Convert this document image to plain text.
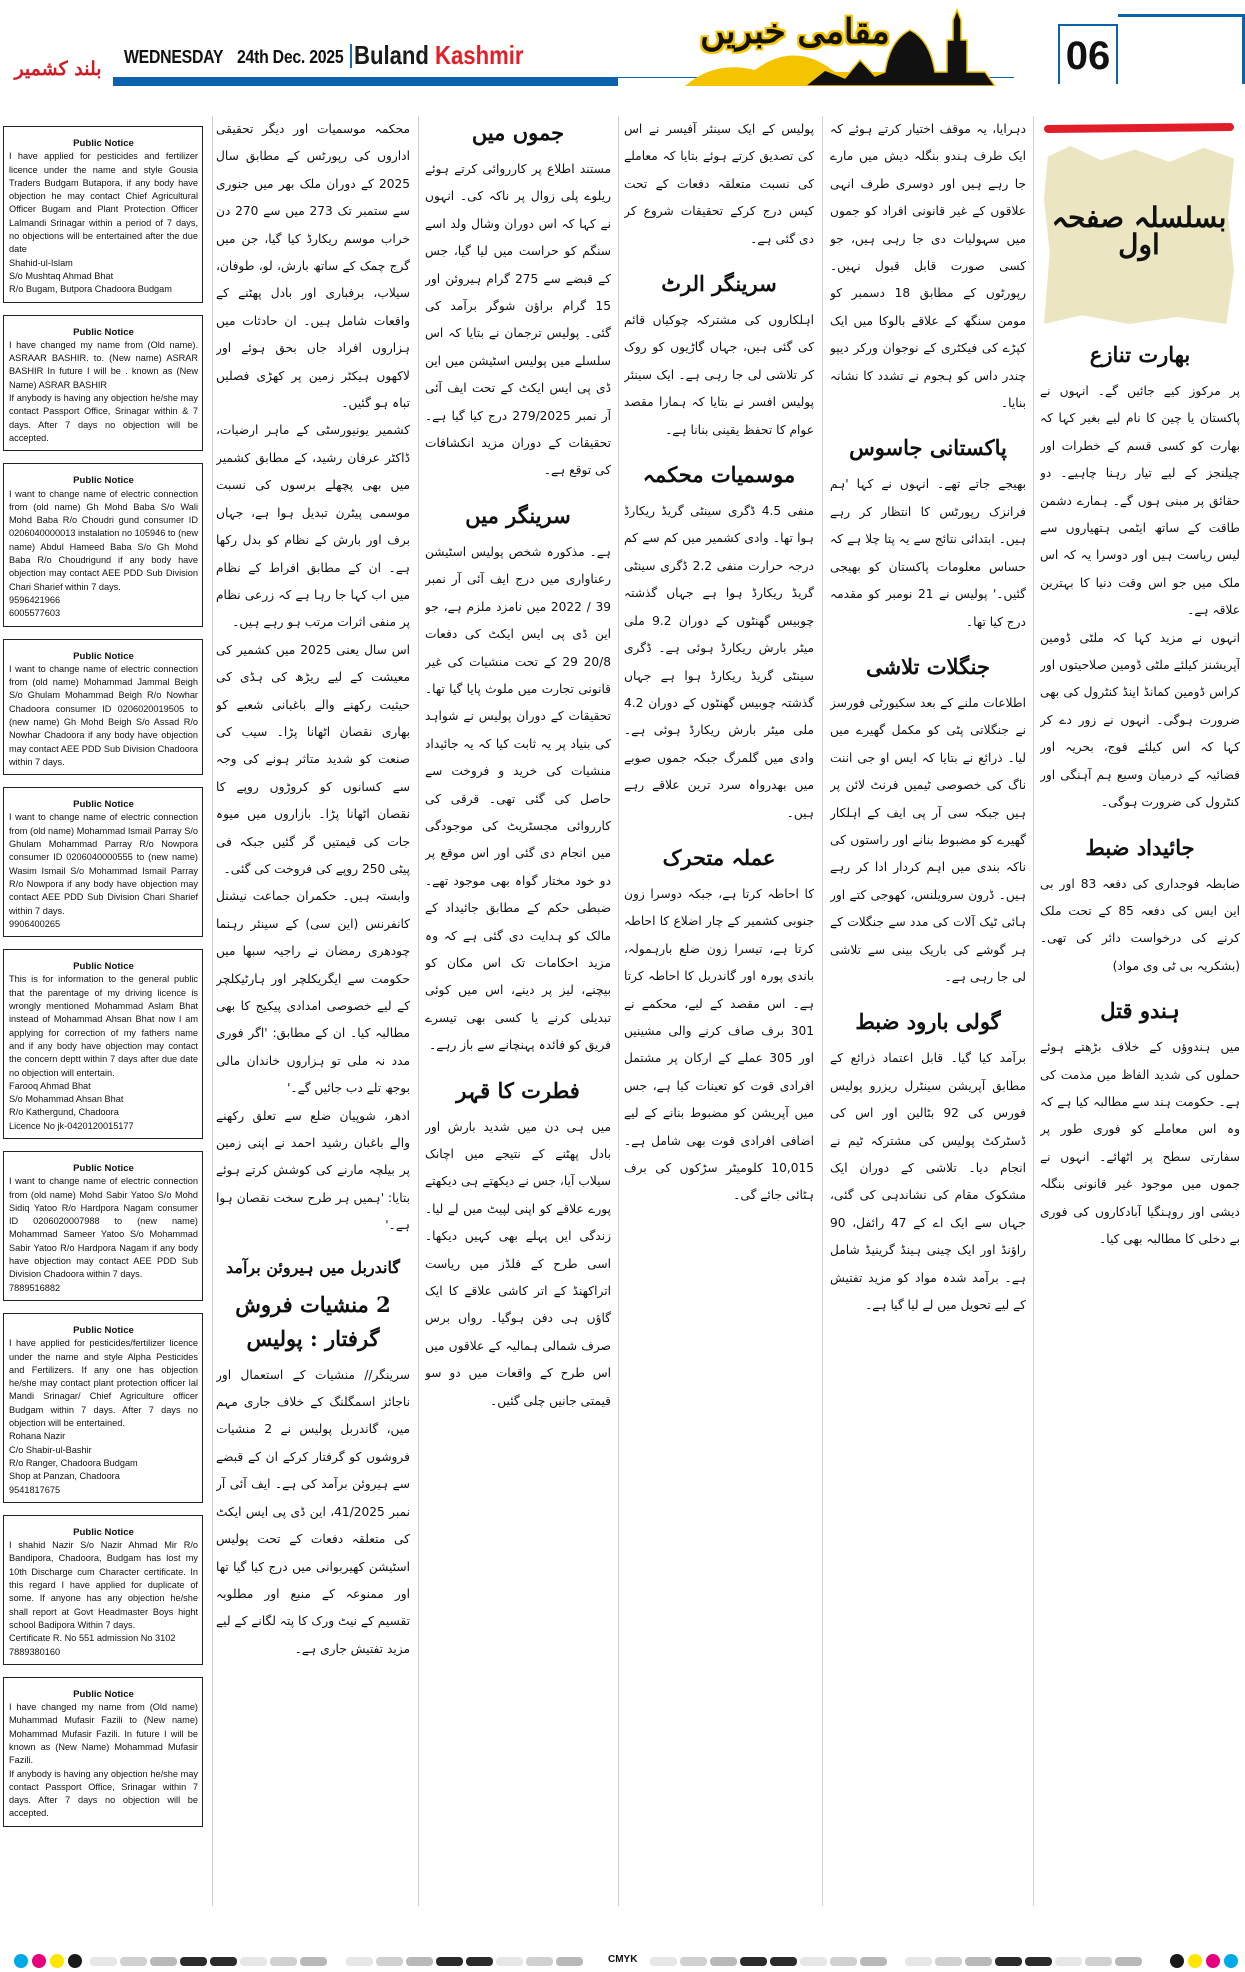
بلند کشمیر
WEDNESDAY 24th Dec. 2025 Buland Kashmir
مقامی خبریں
06
Public Notice
I have applied for pesticides and fertilizer licence under the name and style Gousia Traders Budgam Butapora, if any body have objection he may contact Chief Agricultural Officer Bugam and Plant Protection Officer Lalmandi Srinagar within a period of 7 days, no objections will be entertained after the due date
Shahid-ul-Islam
S/o Mushtaq Ahmad Bhat
R/o Bugam, Butpora Chadoora Budgam
Public Notice
I have changed my name from (Old name). ASRAAR BASHIR. to. (New name) ASRAR BASHIR In future I will be . known as (New Name) ASRAR BASHIR
If anybody is having any objection he/she may contact Passport Office, Srinagar within & 7 days. After 7 days no objection will be accepted.
Public Notice
I want to change name of electric connection from (old name) Gh Mohd Baba S/o Wali Mohd Baba R/o Choudri gund consumer ID 0206040000013 instalation no 105946 to (new name) Abdul Hameed Baba S/o Gh Mohd Baba R/o Choudrigund if any body have objection may contact AEE PDD Sub Division Chari Sharief within 7 days.
9596421966
6005577603
Public Notice
I want to change name of electric connection from (old name) Mohammad Jammal Beigh S/o Ghulam Mohammad Beigh R/o Nowhar Chadoora consumer ID 0206020019505 to (new name) Gh Mohd Beigh S/o Assad R/o Nowhar Chadoora if any body have objection may contact AEE PDD Sub Division Chadoora within 7 days.
Public Notice
I want to change name of electric connection from (old name) Mohammad Ismail Parray S/o Ghulam Mohammad Parray R/o Nowpora consumer ID 0206040000555 to (new name) Wasim Ismail S/o Mohammad Ismail Parray R/o Nowpora if any body have objection may contact AEE PDD Sub Division Chari Sharief within 7 days.
9906400265
Public Notice
This is for information to the general public that the parentage of my driving licence is wrongly mentioned Mohammad Aslam Bhat instead of Mohammad Ahsan Bhat now I am applying for correction of my fathers name and if any body have objection may contact the concern deptt within 7 days after due date no objection will entertain.
Farooq Ahmad Bhat
S/o Mohammad Ahsan Bhat
R/o Kathergund, Chadoora
Licence No jk-0420120015177
Public Notice
I want to change name of electric connection from (old name) Mohd Sabir Yatoo S/o Mohd Sidiq Yatoo R/o Hardpora Nagam consumer ID 0206020007988 to (new name) Mohammad Sameer Yatoo S/o Mohammad Sabir Yatoo R/o Hardpora Nagam if any body have objection may contact AEE PDD Sub Division Chadoora within 7 days.
7889516882
Public Notice
I have applied for pesticides/fertilizer licence under the name and style Alpha Pesticides and Fertilizers. If any one has objection he/she may contact plant protection officer lal Mandi Srinagar/ Chief Agriculture officer Budgam within 7 days. After 7 days no objection will be entertained.
Rohana Nazir
C/o Shabir-ul-Bashir
R/o Ranger, Chadoora Budgam
Shop at Panzan, Chadoora
9541817675
Public Notice
I shahid Nazir S/o Nazir Ahmad Mir R/o Bandipora, Chadoora, Budgam has lost my 10th Discharge cum Character certificate. In this regard I have applied for duplicate of some. If anyone has any objection he/she shall report at Govt Headmaster Boys hight school Badipora Within 7 days.
Certificate R. No 551 admission No 3102
7889380160
Public Notice
I have changed my name from (Old name) Muhammad Mufasir Fazili to (New name) Mohammad Mufasir Fazili. In future I will be known as (New Name) Mohammad Mufasir Fazili.
If anybody is having any objection he/she may contact Passport Office, Srinagar within 7 days. After 7 days no objection will be accepted.

محکمہ موسمیات اور دیگر تحقیقی اداروں کی رپورٹس کے مطابق سال 2025 کے دوران ملک بھر میں جنوری سے ستمبر تک 273 میں سے 270 دن خراب موسم ریکارڈ کیا گیا، جن میں گرج چمک کے ساتھ بارش، لو، طوفان، سیلاب، برفباری اور بادل پھٹنے کے واقعات شامل ہیں۔ ان حادثات میں ہزاروں افراد جاں بحق ہوئے اور لاکھوں ہیکٹر زمین پر کھڑی فصلیں تباہ ہو گئیں۔

کشمیر یونیورسٹی کے ماہر ارضیات، ڈاکٹر عرفان رشید، کے مطابق کشمیر میں بھی پچھلے برسوں کی نسبت موسمی پیٹرن تبدیل ہوا ہے، جہاں برف اور بارش کے نظام کو بدل رکھا ہے۔ ان کے مطابق افراط کے نظام میں اب کہا جا رہا ہے کہ زرعی نظام پر منفی اثرات مرتب ہو رہے ہیں۔

اس سال یعنی 2025 میں کشمیر کی معیشت کے لیے ریڑھ کی ہڈی کی حیثیت رکھنے والے باغبانی شعبے کو بھاری نقصان اٹھانا پڑا۔ سیب کی صنعت کو شدید متاثر ہونے کی وجہ سے کسانوں کو کروڑوں روپے کا نقصان اٹھانا پڑا۔ بازاروں میں میوہ جات کی قیمتیں گر گئیں جبکہ فی پیٹی 250 روپے کی فروخت کی گئی۔

وابستہ ہیں۔ حکمران جماعت نیشنل کانفرنس (این سی) کے سینئر رہنما چودھری رمضان نے راجیہ سبھا میں حکومت سے ایگریکلچر اور ہارٹیکلچر کے لیے خصوصی امدادی پیکیج کا بھی مطالبہ کیا۔ ان کے مطابق: 'اگر فوری مدد نہ ملی تو ہزاروں خاندان مالی بوجھ تلے دب جائیں گے۔'

ادھر، شوپیان ضلع سے تعلق رکھنے والے باغبان رشید احمد نے اپنی زمین پر بیلچہ مارنے کی کوشش کرتے ہوئے بتایا: 'ہمیں ہر طرح سخت نقصان ہوا ہے۔'

گاندربل میں ہیروئن برآمد
2 منشیات فروش گرفتار : پولیس

سرینگر// منشیات کے استعمال اور ناجائز اسمگلنگ کے خلاف جاری مہم میں، گاندربل پولیس نے 2 منشیات فروشوں کو گرفتار کرکے ان کے قبضے سے ہیروئن برآمد کی ہے۔ ایف آئی آر نمبر 41/2025، این ڈی پی ایس ایکٹ کی متعلقہ دفعات کے تحت پولیس اسٹیشن کھیربوانی میں درج کیا گیا تھا اور ممنوعہ کے منبع اور مطلوبہ تقسیم کے نیٹ ورک کا پتہ لگانے کے لیے مزید تفتیش جاری ہے۔

جموں میں

مستند اطلاع پر کارروائی کرتے ہوئے ریلوے پلی زوال پر ناکہ کی۔ انہوں نے کہا کہ اس دوران وشال ولد اسے سنگم کو حراست میں لیا گیا، جس کے قبضے سے 275 گرام ہیروئن اور 15 گرام براؤن شوگر برآمد کی گئی۔ پولیس ترجمان نے بتایا کہ اس سلسلے میں پولیس اسٹیشن میں این ڈی پی ایس ایکٹ کے تحت ایف آئی آر نمبر 279/2025 درج کیا گیا ہے۔ تحقیقات کے دوران مزید انکشافات کی توقع ہے۔

سرینگر میں

ہے۔ مذکورہ شخص پولیس اسٹیشن رعناواری میں درج ایف آئی آر نمبر 39 / 2022 میں نامزد ملزم ہے، جو این ڈی پی ایس ایکٹ کی دفعات 20/8 29 کے تحت منشیات کی غیر قانونی تجارت میں ملوث پایا گیا تھا۔ تحقیقات کے دوران پولیس نے شواہد کی بنیاد پر یہ ثابت کیا کہ یہ جائیداد منشیات کی خرید و فروخت سے حاصل کی گئی تھی۔ قرقی کی کارروائی مجسٹریٹ کی موجودگی میں انجام دی گئی اور اس موقع پر دو خود مختار گواہ بھی موجود تھے۔ ضبطی حکم کے مطابق جائیداد کے مالک کو ہدایت دی گئی ہے کہ وہ مزید احکامات تک اس مکان کو بیچنے، لیز پر دینے، اس میں کوئی تبدیلی کرنے یا کسی بھی تیسرے فریق کو فائدہ پہنچانے سے باز رہے۔

فطرت کا قہر

میں ہی دن میں شدید بارش اور بادل پھٹنے کے نتیجے میں اچانک سیلاب آیا، جس نے دیکھتے ہی دیکھتے پورے علاقے کو اپنی لپیٹ میں لے لیا۔ زندگی ایں پہلے بھی کہیں دیکھا۔ اسی طرح کے فلڈز میں ریاست اتراکھنڈ کے اتر کاشی علاقے کا ایک گاؤں ہی دفن ہوگیا۔ رواں برس صرف شمالی ہمالیہ کے علاقوں میں اس طرح کے واقعات میں دو سو قیمتی جانیں چلی گئیں۔

پولیس کے ایک سینئر آفیسر نے اس کی تصدیق کرتے ہوئے بتایا کہ معاملے کی نسبت متعلقہ دفعات کے تحت کیس درج کرکے تحقیقات شروع کر دی گئی ہے۔

سرینگر الرٹ

اہلکاروں کی مشترکہ چوکیاں قائم کی گئی ہیں، جہاں گاڑیوں کو روک کر تلاشی لی جا رہی ہے۔ ایک سینئر پولیس افسر نے بتایا کہ ہمارا مقصد عوام کا تحفظ یقینی بنانا ہے۔

موسمیات محکمہ

منفی 4.5 ڈگری سینٹی گریڈ ریکارڈ ہوا تھا۔ وادی کشمیر میں کم سے کم درجہ حرارت منفی 2.2 ڈگری سینٹی گریڈ ریکارڈ ہوا ہے جہاں گذشتہ چوبیس گھنٹوں کے دوران 9.2 ملی میٹر بارش ریکارڈ ہوئی ہے۔ ڈگری سینٹی گریڈ ریکارڈ ہوا ہے جہاں گذشتہ چوبیس گھنٹوں کے دوران 4.2 ملی میٹر بارش ریکارڈ ہوئی ہے۔ وادی میں گلمرگ جبکہ جموں صوبے میں بھدرواہ سرد ترین علاقے رہے ہیں۔

عملہ متحرک

کا احاطہ کرتا ہے، جبکہ دوسرا زون جنوبی کشمیر کے چار اضلاع کا احاطہ کرتا ہے، تیسرا زون ضلع بارہمولہ، باندی پورہ اور گاندربل کا احاطہ کرتا ہے۔ اس مقصد کے لیے، محکمے نے 301 برف صاف کرنے والی مشینیں اور 305 عملے کے ارکان پر مشتمل افرادی قوت کو تعینات کیا ہے، جس میں آپریشن کو مضبوط بنانے کے لیے اضافی افرادی قوت بھی شامل ہے۔ 10,015 کلومیٹر سڑکوں کی برف ہٹائی جائے گی۔

دہرایا، یہ موقف اختیار کرتے ہوئے کہ ایک طرف ہندو بنگلہ دیش میں مارے جا رہے ہیں اور دوسری طرف انہی علاقوں کے غیر قانونی افراد کو جموں میں سہولیات دی جا رہی ہیں، جو کسی صورت قابل قبول نہیں۔ رپورٹوں کے مطابق 18 دسمبر کو مومن سنگھ کے علاقے بالوکا میں ایک کپڑے کی فیکٹری کے نوجوان ورکر دیپو چندر داس کو ہجوم نے تشدد کا نشانہ بنایا۔

پاکستانی جاسوس

بھیجے جاتے تھے۔ انہوں نے کہا 'ہم فرانزک رپورٹس کا انتظار کر رہے ہیں۔ ابتدائی نتائج سے یہ پتا چلا ہے کہ حساس معلومات پاکستان کو بھیجی گئیں۔' پولیس نے 21 نومبر کو مقدمہ درج کیا تھا۔

جنگلات تلاشی

اطلاعات ملنے کے بعد سکیورٹی فورسز نے جنگلاتی پٹی کو مکمل گھیرے میں لیا۔ ذرائع نے بتایا کہ ایس او جی اننت ناگ کی خصوصی ٹیمیں فرنٹ لائن پر ہیں جبکہ سی آر پی ایف کے اہلکار گھیرے کو مضبوط بنانے اور راستوں کی ناکہ بندی میں اہم کردار ادا کر رہے ہیں۔ ڈرون سرویلنس، کھوجی کتے اور ہائی ٹیک آلات کی مدد سے جنگلات کے ہر گوشے کی باریک بینی سے تلاشی لی جا رہی ہے۔

گولی بارود ضبط

برآمد کیا گیا۔ قابل اعتماد ذرائع کے مطابق آپریشن سینٹرل ریزرو پولیس فورس کی 92 بٹالین اور اس کی ڈسٹرکٹ پولیس کی مشترکہ ٹیم نے انجام دیا۔ تلاشی کے دوران ایک مشکوک مقام کی نشاندہی کی گئی، جہاں سے ایک اے کے 47 رائفل، 90 راؤنڈ اور ایک چینی ہینڈ گرینیڈ شامل ہے۔ برآمد شدہ مواد کو مزید تفتیش کے لیے تحویل میں لے لیا گیا ہے۔

بسلسلہ صفحہ اول
بھارت تنازع

پر مرکوز کیے جائیں گے۔ انہوں نے پاکستان یا چین کا نام لیے بغیر کہا کہ بھارت کو کسی قسم کے خطرات اور چیلنجز کے لیے تیار رہنا چاہیے۔ دو حقائق پر مبنی ہوں گے۔ ہمارے دشمن طاقت کے ساتھ ایٹمی ہتھیاروں سے لیس ریاست ہیں اور دوسرا یہ کہ اس ملک میں جو اس وقت دنیا کا بہترین علاقہ ہے۔

انہوں نے مزید کہا کہ ملٹی ڈومین آپریشنز کیلئے ملٹی ڈومین صلاحیتوں اور کراس ڈومین کمانڈ اینڈ کنٹرول کی بھی ضرورت ہوگی۔ انہوں نے زور دے کر کہا کہ اس کیلئے فوج، بحریہ اور فضائیہ کے درمیان وسیع ہم آہنگی اور کنٹرول کی ضرورت ہوگی۔

جائیداد ضبط

ضابطہ فوجداری کی دفعہ 83 اور بی این ایس کی دفعہ 85 کے تحت ملک کرنے کی درخواست دائر کی تھی۔ (بشکریہ بی ٹی وی مواد)

ہندو قتل

میں ہندوؤں کے خلاف بڑھتے ہوئے حملوں کی شدید الفاظ میں مذمت کی ہے۔ حکومت ہند سے مطالبہ کیا ہے کہ وہ اس معاملے کو فوری طور پر سفارتی سطح پر اٹھائے۔ انہوں نے جموں میں موجود غیر قانونی بنگلہ دیشی اور روہنگیا آبادکاروں کی فوری بے دخلی کا مطالبہ بھی کیا۔

CMYK
